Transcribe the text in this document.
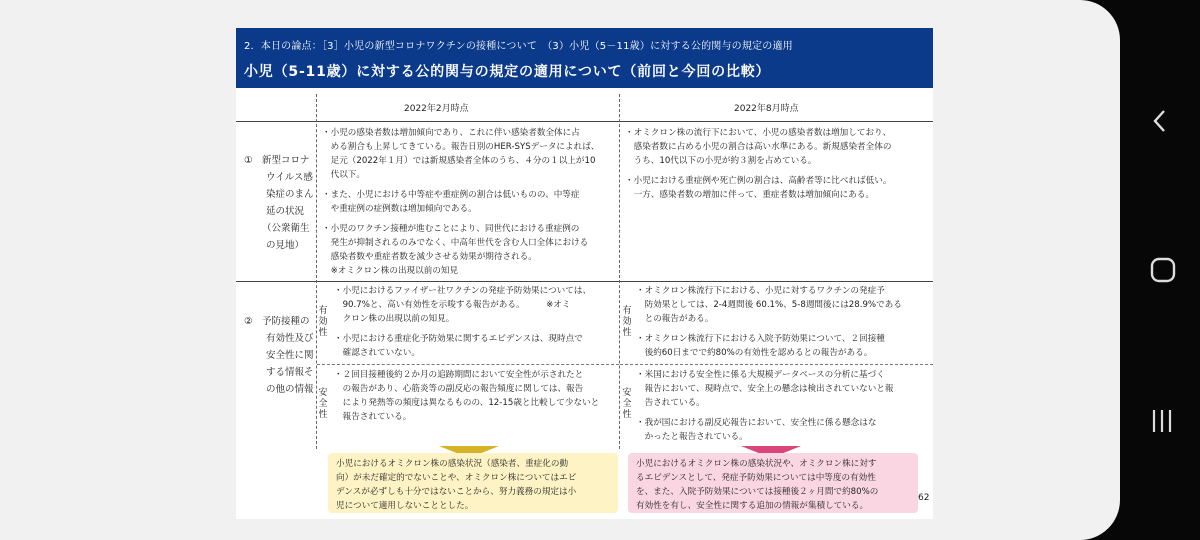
2．本日の論点：［3］小児の新型コロナワクチンの接種について　（3）小児（5－11歳）に対する公的関与の規定の適用
小児（5-11歳）に対する公的関与の規定の適用について（前回と今回の比較）
2022年2月時点	2022年8月時点
①　新型コロナ
ウイルス感
染症のまん
延の状況
（公衆衛生
の見地）
・小児の感染者数は増加傾向であり、これに伴い感染者数全体に占
　める割合も上昇してきている。報告日別のHER-SYSデータによれば、
　足元（2022年１月）では新規感染者全体のうち、４分の１以上が10
　代以下。
・また、小児における中等症や重症例の割合は低いものの、中等症
　や重症例の症例数は増加傾向である。
・小児のワクチン接種が進むことにより、同世代における重症例の
　発生が抑制されるのみでなく、中高年世代を含む人口全体における
　感染者数や重症者数を減少させる効果が期待される。
　※オミクロン株の出現以前の知見
・オミクロン株の流行下において、小児の感染者数は増加しており、
　感染者数に占める小児の割合は高い水準にある。新規感染者全体の
　うち、10代以下の小児が約３割を占めている。
・小児における重症例や死亡例の割合は、高齢者等に比べれば低い。
　一方、感染者数の増加に伴って、重症者数は増加傾向にある。
②　予防接種の
有効性及び
安全性に関
する情報そ
の他の情報
有効性
安全性
有効性
安全性
・小児におけるファイザー社ワクチンの発症予防効果については、
　90.7%と、高い有効性を示唆する報告がある。　　　※オミ
　クロン株の出現以前の知見。
・小児における重症化予防効果に関するエビデンスは、現時点で
　確認されていない。
・２回目接種後約２か月の追跡期間において安全性が示されたと
　の報告があり、心筋炎等の副反応の報告頻度に関しては、報告
　により発熱等の頻度は異なるものの、12-15歳と比較して少ないと
　報告されている。
・オミクロン株流行下における、小児に対するワクチンの発症予
　防効果としては、2-4週間後 60.1%、5-8週間後には28.9%である
　との報告がある。
・オミクロン株流行下における入院予防効果について、２回接種
　後約60日までで約80%の有効性を認めるとの報告がある。
・米国における安全性に係る大規模データベースの分析に基づく
　報告において、現時点で、安全上の懸念は検出されていないと報
　告されている。
・我が国における副反応報告において、安全性に係る懸念はな
　かったと報告されている。
小児におけるオミクロン株の感染状況（感染者、重症化の動
向）が未だ確定的でないことや、オミクロン株についてはエビ
デンスが必ずしも十分ではないことから、努力義務の規定は小
児について適用しないこととした。
小児におけるオミクロン株の感染状況や、オミクロン株に対す
るエビデンスとして、発症予防効果については中等度の有効性
を、また、入院予防効果については接種後２ヶ月間で約80%の
有効性を有し、安全性に関する追加の情報が集積している。
62
